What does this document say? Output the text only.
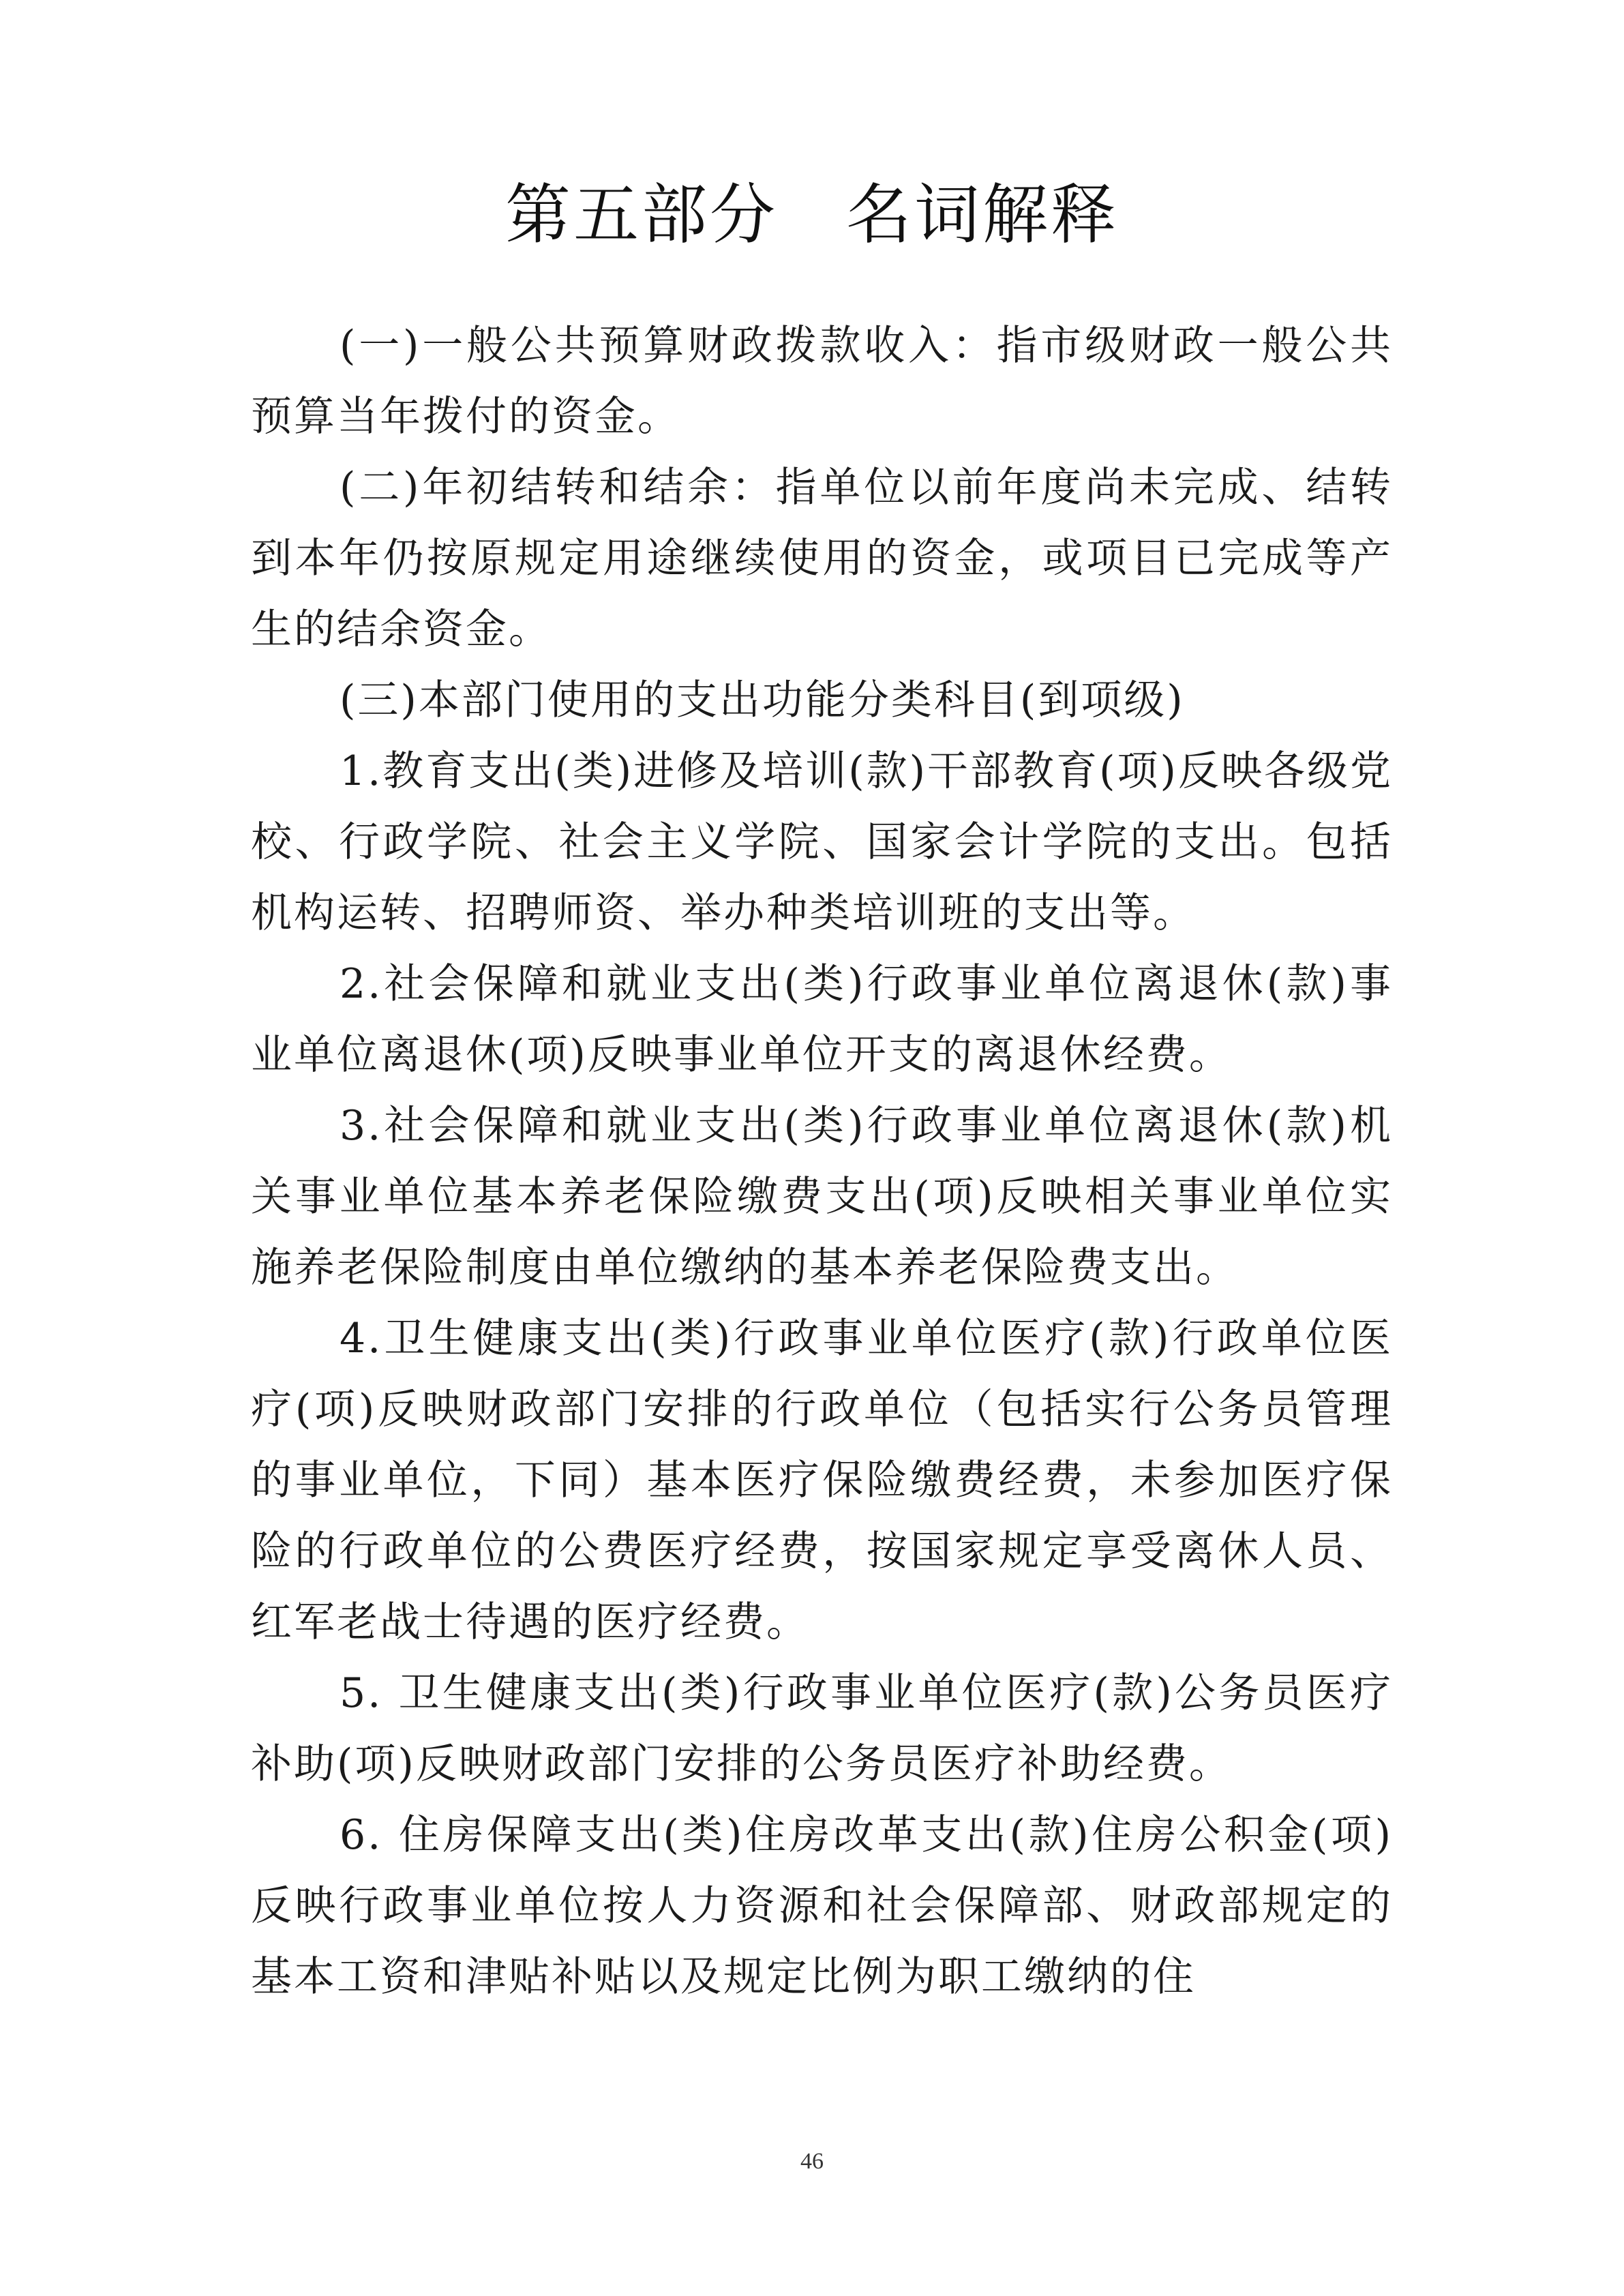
第五部分　名词解释

(一)一般公共预算财政拨款收入：指市级财政一般公共预算当年拨付的资金。

(二)年初结转和结余：指单位以前年度尚未完成、结转到本年仍按原规定用途继续使用的资金，或项目已完成等产生的结余资金。

(三)本部门使用的支出功能分类科目(到项级)

1.教育支出(类)进修及培训(款)干部教育(项)反映各级党校、行政学院、社会主义学院、国家会计学院的支出。包括机构运转、招聘师资、举办种类培训班的支出等。

2.社会保障和就业支出(类)行政事业单位离退休(款)事业单位离退休(项)反映事业单位开支的离退休经费。

3.社会保障和就业支出(类)行政事业单位离退休(款)机关事业单位基本养老保险缴费支出(项)反映相关事业单位实施养老保险制度由单位缴纳的基本养老保险费支出。

4.卫生健康支出(类)行政事业单位医疗(款)行政单位医疗(项)反映财政部门安排的行政单位（包括实行公务员管理的事业单位，下同）基本医疗保险缴费经费，未参加医疗保险的行政单位的公费医疗经费，按国家规定享受离休人员、红军老战士待遇的医疗经费。

5. 卫生健康支出(类)行政事业单位医疗(款)公务员医疗补助(项)反映财政部门安排的公务员医疗补助经费。

6. 住房保障支出(类)住房改革支出(款)住房公积金(项)反映行政事业单位按人力资源和社会保障部、财政部规定的基本工资和津贴补贴以及规定比例为职工缴纳的住

46
